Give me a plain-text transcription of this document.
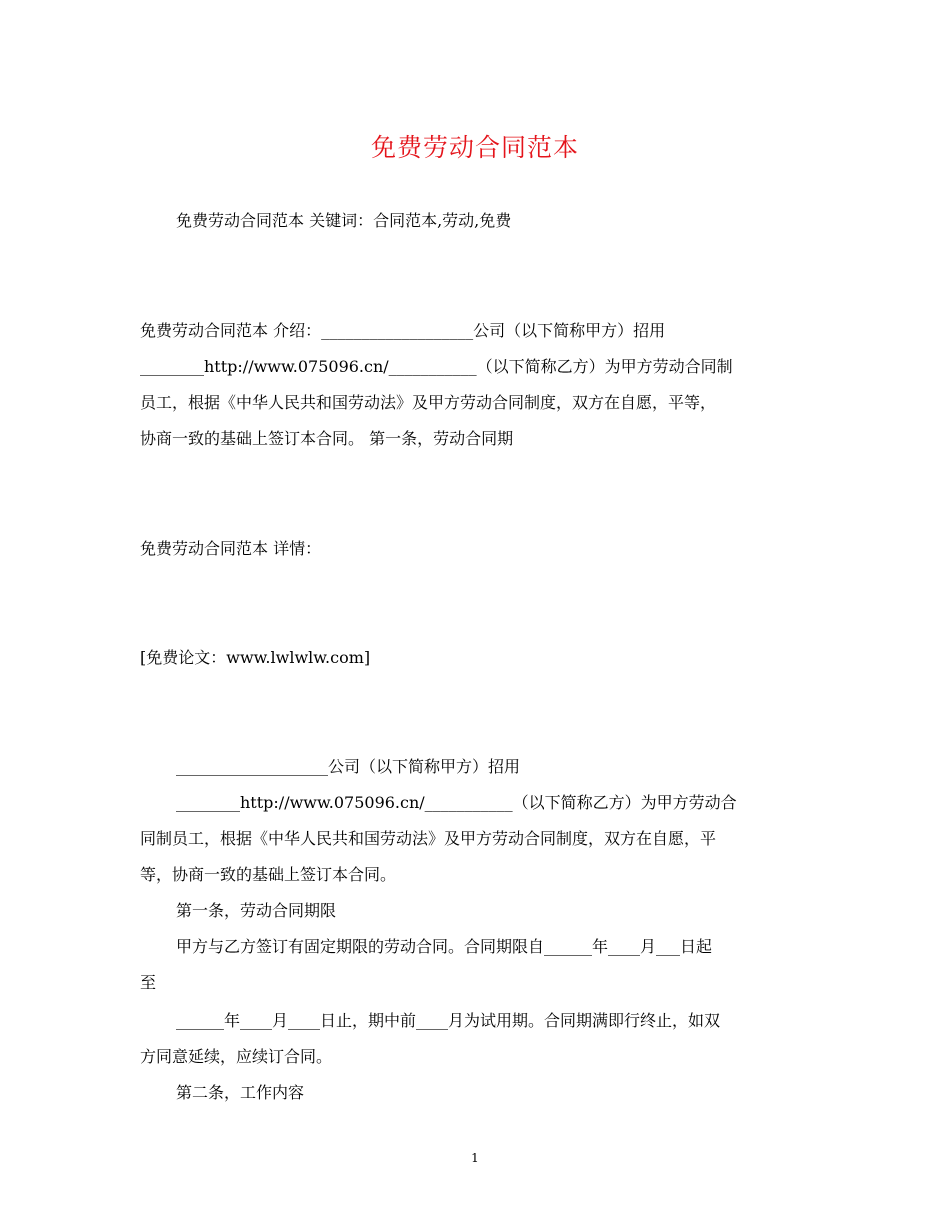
免费劳动合同范本
免费劳动合同范本 关键词：合同范本,劳动,免费
免费劳动合同范本 介绍：___________________公司（以下简称甲方）招用
________http://www.075096.cn/___________（以下简称乙方）为甲方劳动合同制
员工，根据《中华人民共和国劳动法》及甲方劳动合同制度，双方在自愿，平等，
协商一致的基础上签订本合同。 第一条，劳动合同期
免费劳动合同范本 详情：
[免费论文：www.lwlwlw.com]
___________________公司（以下简称甲方）招用
________http://www.075096.cn/___________（以下简称乙方）为甲方劳动合
同制员工，根据《中华人民共和国劳动法》及甲方劳动合同制度，双方在自愿，平
等，协商一致的基础上签订本合同。
第一条，劳动合同期限
甲方与乙方签订有固定期限的劳动合同。合同期限自______年____月___日起
至
______年____月____日止，期中前____月为试用期。合同期满即行终止，如双
方同意延续，应续订合同。
第二条，工作内容
1
